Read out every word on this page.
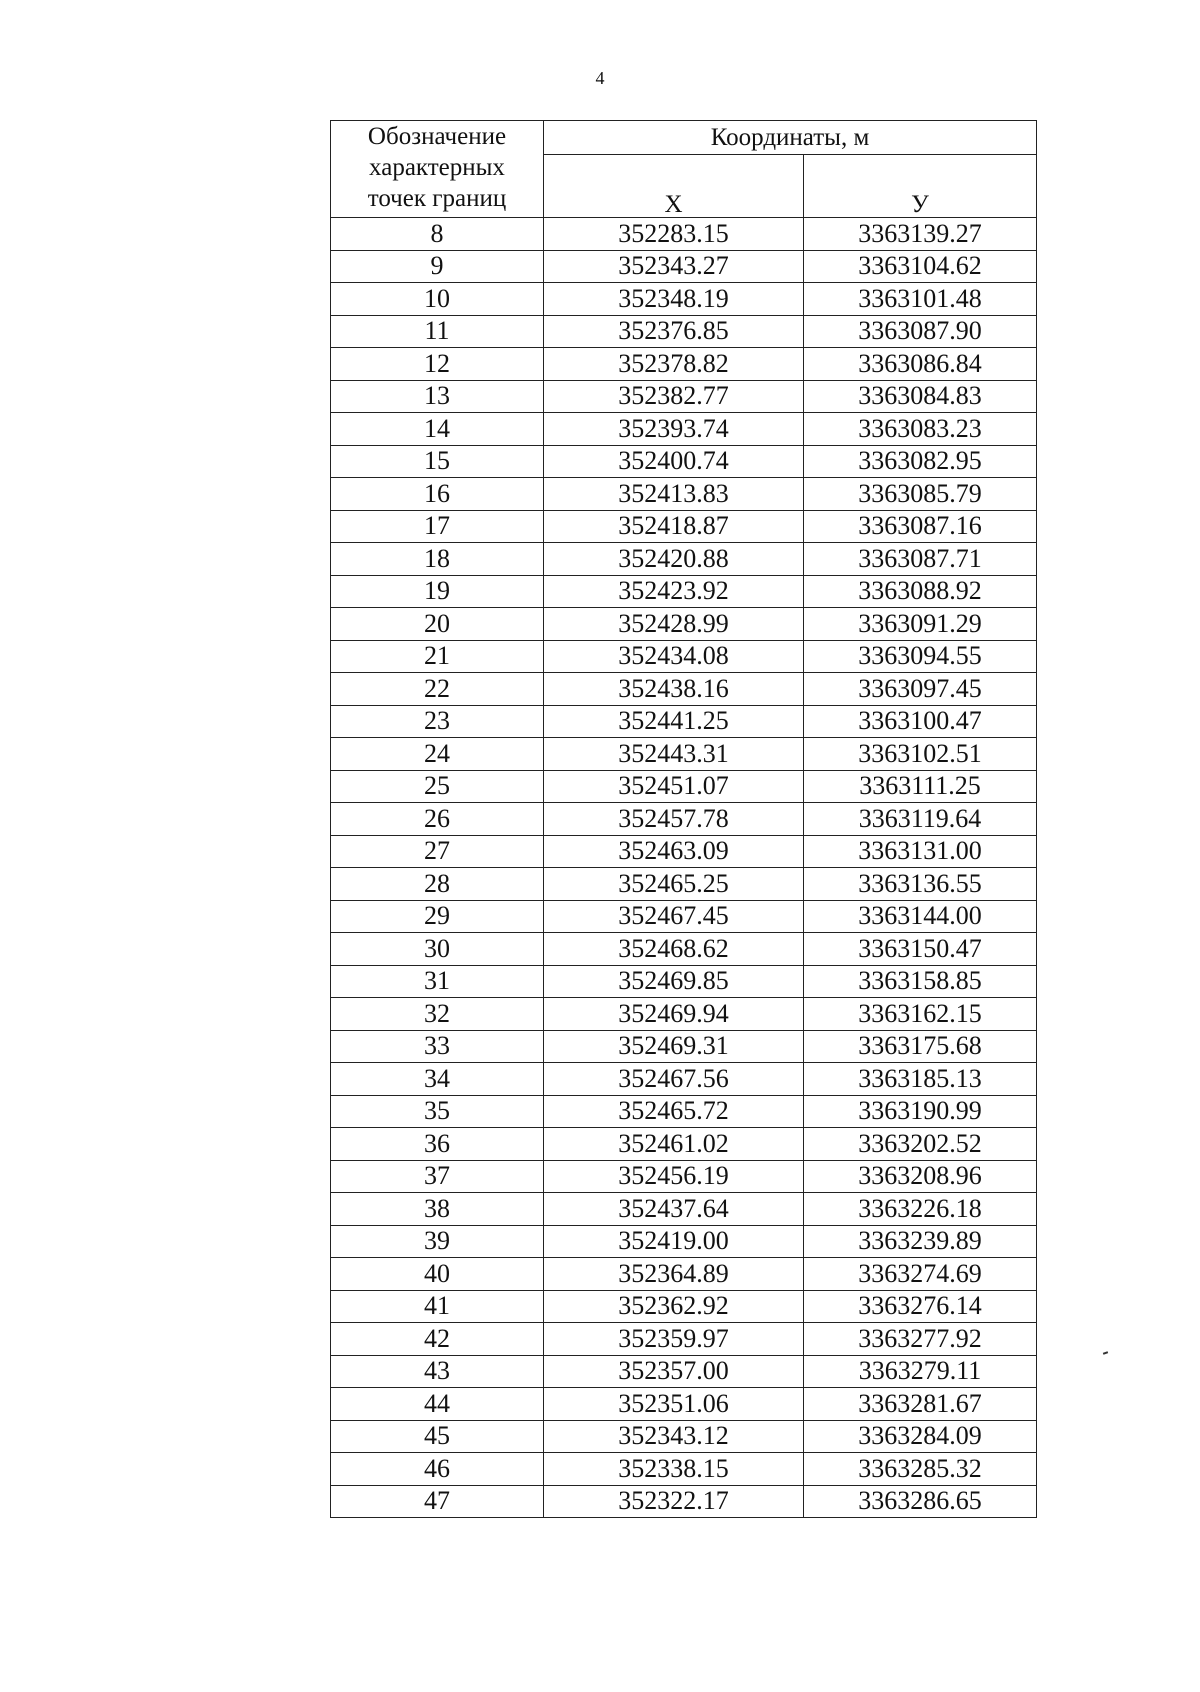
4
Обозначение
характерных
точек границ	Координаты, м	
	X	У
8	352283.15	3363139.27
9	352343.27	3363104.62
10	352348.19	3363101.48
11	352376.85	3363087.90
12	352378.82	3363086.84
13	352382.77	3363084.83
14	352393.74	3363083.23
15	352400.74	3363082.95
16	352413.83	3363085.79
17	352418.87	3363087.16
18	352420.88	3363087.71
19	352423.92	3363088.92
20	352428.99	3363091.29
21	352434.08	3363094.55
22	352438.16	3363097.45
23	352441.25	3363100.47
24	352443.31	3363102.51
25	352451.07	3363111.25
26	352457.78	3363119.64
27	352463.09	3363131.00
28	352465.25	3363136.55
29	352467.45	3363144.00
30	352468.62	3363150.47
31	352469.85	3363158.85
32	352469.94	3363162.15
33	352469.31	3363175.68
34	352467.56	3363185.13
35	352465.72	3363190.99
36	352461.02	3363202.52
37	352456.19	3363208.96
38	352437.64	3363226.18
39	352419.00	3363239.89
40	352364.89	3363274.69
41	352362.92	3363276.14
42	352359.97	3363277.92
43	352357.00	3363279.11
44	352351.06	3363281.67
45	352343.12	3363284.09
46	352338.15	3363285.32
47	352322.17	3363286.65
